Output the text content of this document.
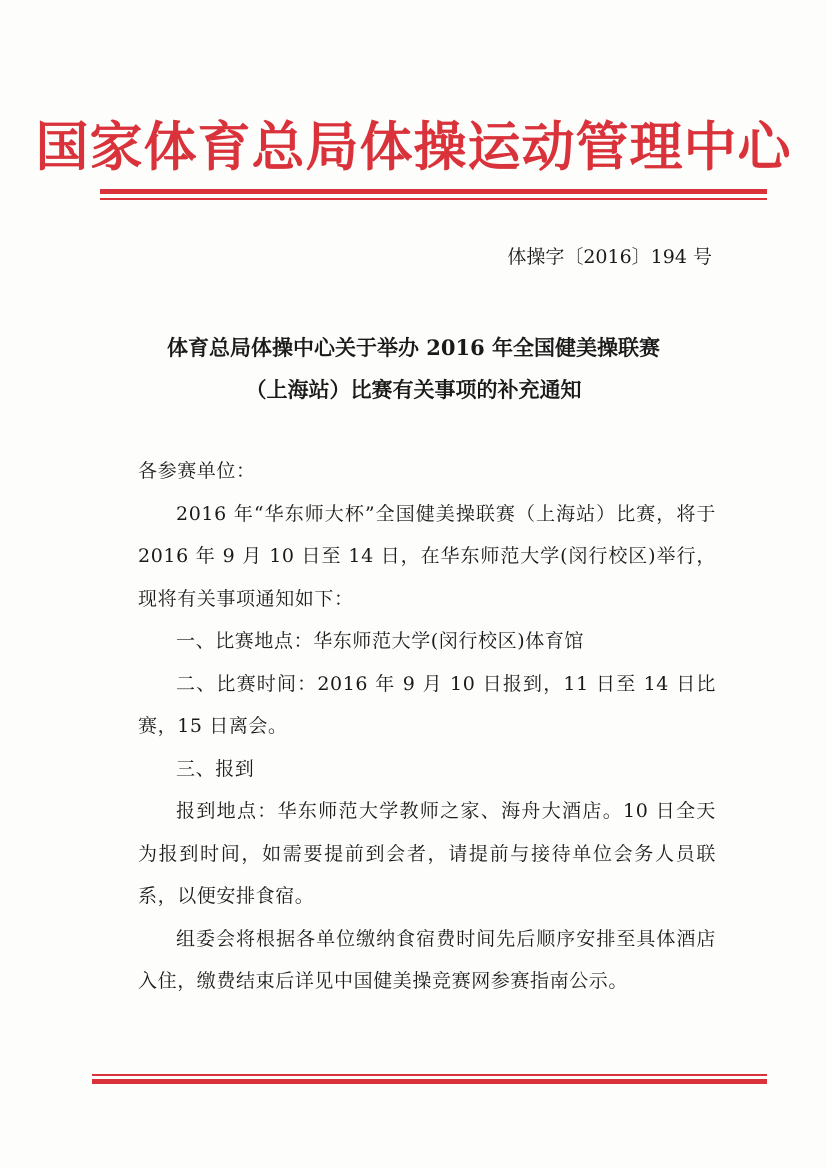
国家体育总局体操运动管理中心
体操字〔2016〕194 号
体育总局体操中心关于举办 2016 年全国健美操联赛
（上海站）比赛有关事项的补充通知

各参赛单位：

2016 年“华东师大杯”全国健美操联赛（上海站）比赛，将于 2016 年 9 月 10 日至 14 日，在华东师范大学(闵行校区)举行，现将有关事项通知如下：

一、比赛地点：华东师范大学(闵行校区)体育馆

二、比赛时间：2016 年 9 月 10 日报到，11 日至 14 日比赛，15 日离会。

三、报到

报到地点：华东师范大学教师之家、海舟大酒店。10 日全天为报到时间，如需要提前到会者，请提前与接待单位会务人员联系，以便安排食宿。

组委会将根据各单位缴纳食宿费时间先后顺序安排至具体酒店入住，缴费结束后详见中国健美操竞赛网参赛指南公示。
